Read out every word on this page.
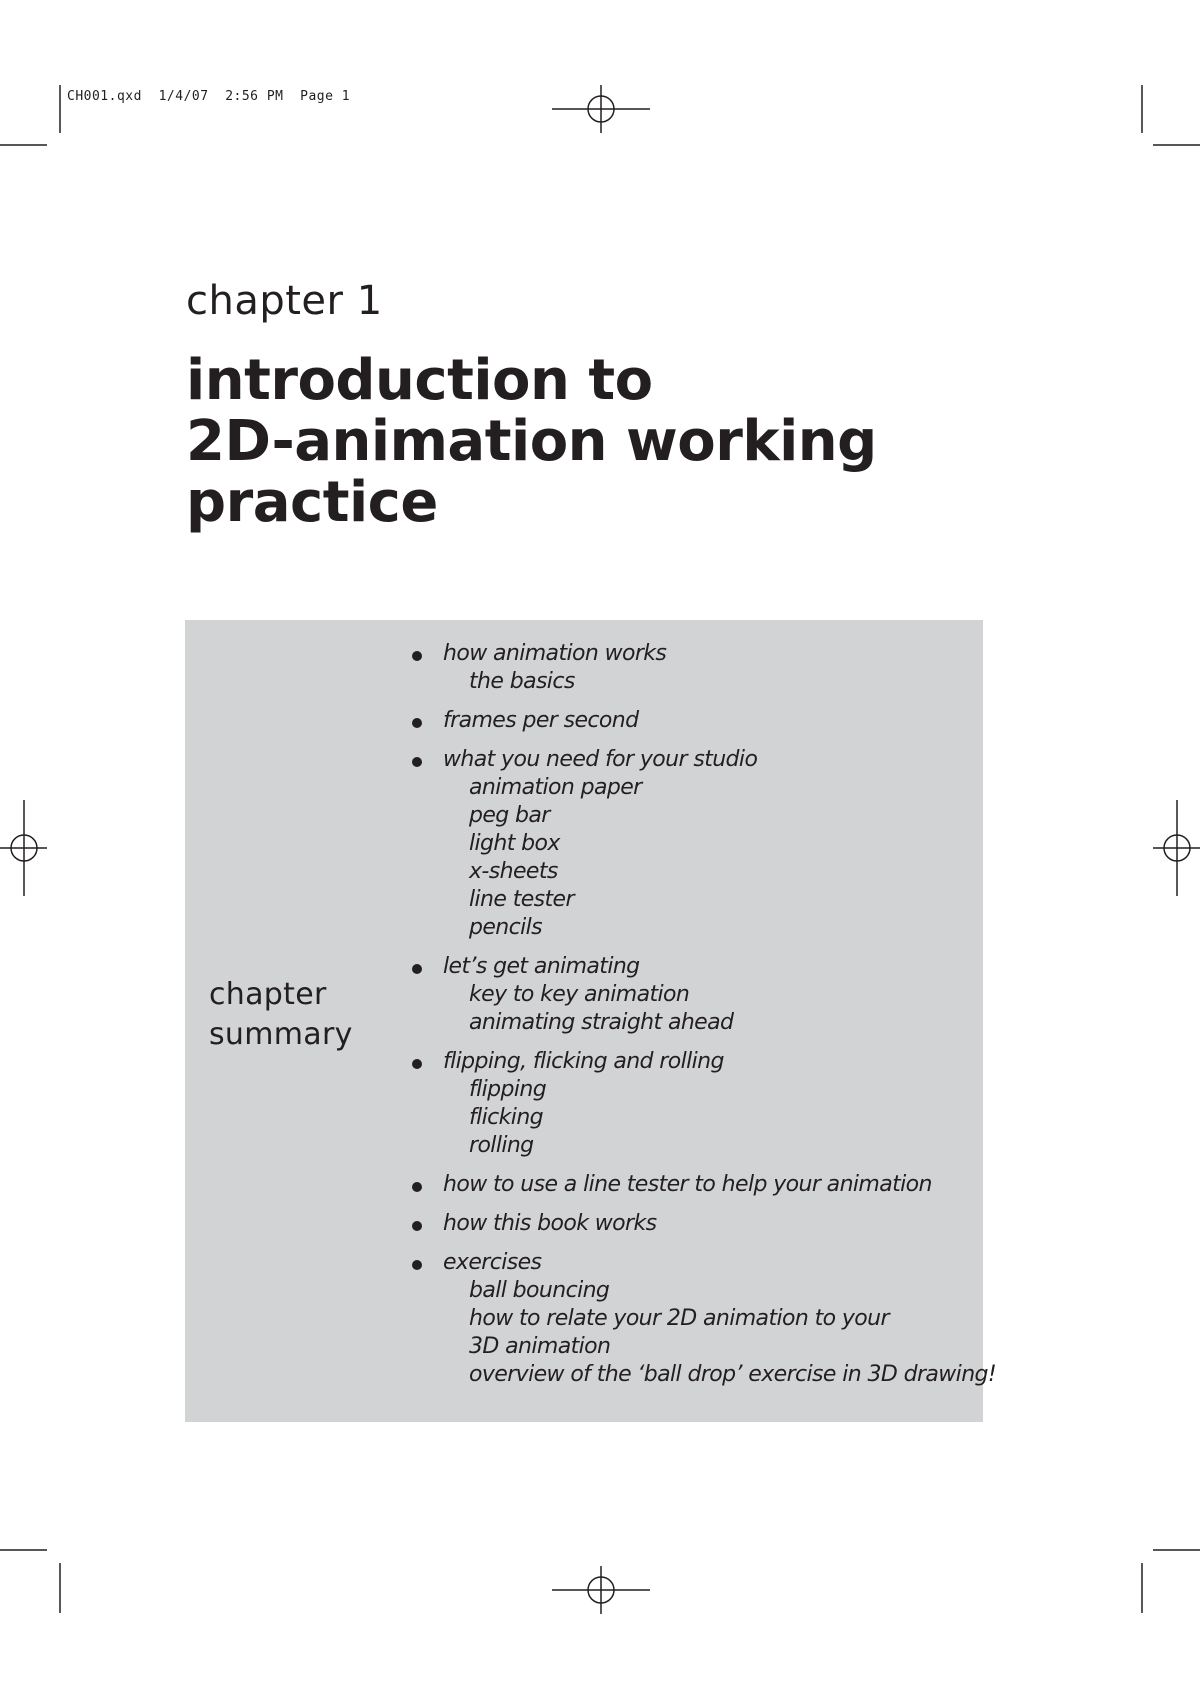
CH001.qxd  1/4/07  2:56 PM  Page 1
chapter 1
introduction to
2D-animation working
practice
chapter
summary
how animation works
the basics
frames per second
what you need for your studio
animation paper
peg bar
light box
x-sheets
line tester
pencils
let’s get animating
key to key animation
animating straight ahead
flipping, flicking and rolling
flipping
flicking
rolling
how to use a line tester to help your animation
how this book works
exercises
ball bouncing
how to relate your 2D animation to your
3D animation
overview of the ‘ball drop’ exercise in 3D drawing!
